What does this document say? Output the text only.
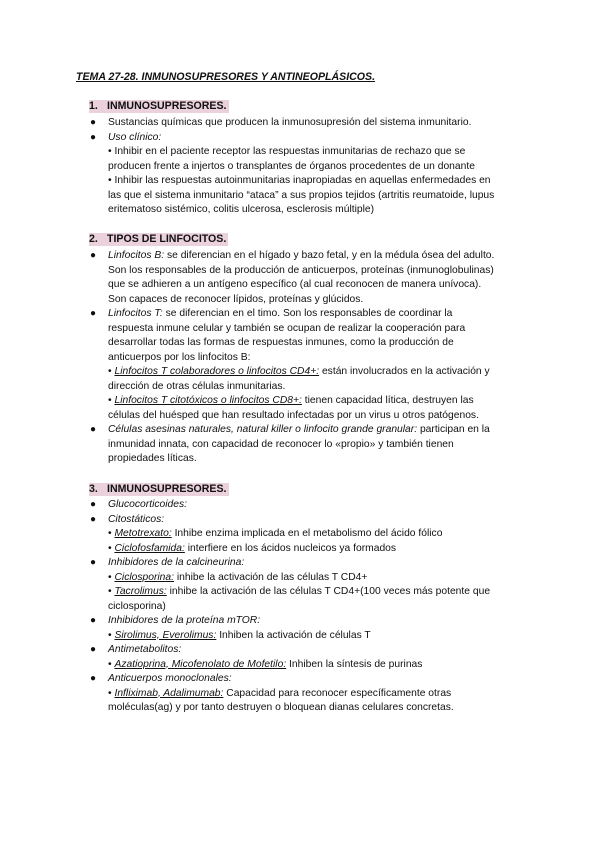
TEMA 27-28. INMUNOSUPRESORES Y ANTINEOPLÁSICOS.
1. INMUNOSUPRESORES.
● Sustancias químicas que producen la inmunosupresión del sistema inmunitario.
● Uso clínico:
• Inhibir en el paciente receptor las respuestas inmunitarias de rechazo que se
producen frente a injertos o transplantes de órganos procedentes de un donante
• Inhibir las respuestas autoinmunitarias inapropiadas en aquellas enfermedades en
las que el sistema inmunitario “ataca” a sus propios tejidos (artritis reumatoide, lupus
eritematoso sistémico, colitis ulcerosa, esclerosis múltiple)
2. TIPOS DE LINFOCITOS.
● Linfocitos B: se diferencian en el hígado y bazo fetal, y en la médula ósea del adulto.
Son los responsables de la producción de anticuerpos, proteínas (inmunoglobulinas)
que se adhieren a un antígeno específico (al cual reconocen de manera unívoca).
Son capaces de reconocer lípidos, proteínas y glúcidos.
● Linfocitos T: se diferencian en el timo. Son los responsables de coordinar la
respuesta inmune celular y también se ocupan de realizar la cooperación para
desarrollar todas las formas de respuestas inmunes, como la producción de
anticuerpos por los linfocitos B:
• Linfocitos T colaboradores o linfocitos CD4+: están involucrados en la activación y
dirección de otras células inmunitarias.
• Linfocitos T citotóxicos o linfocitos CD8+: tienen capacidad lítica, destruyen las
células del huésped que han resultado infectadas por un virus u otros patógenos.
● Células asesinas naturales, natural killer o linfocito grande granular: participan en la
inmunidad innata, con capacidad de reconocer lo «propio» y también tienen
propiedades líticas.
3. INMUNOSUPRESORES.
● Glucocorticoides:
● Citostáticos:
• Metotrexato: Inhibe enzima implicada en el metabolismo del ácido fólico
• Ciclofosfamida: interfiere en los ácidos nucleicos ya formados
● Inhibidores de la calcineurina:
• Ciclosporina: inhibe la activación de las células T CD4+
• Tacrolimus: inhibe la activación de las células T CD4+(100 veces más potente que
ciclosporina)
● Inhibidores de la proteína mTOR:
• Sirolimus, Everolimus: Inhiben la activación de células T
● Antimetabolitos:
• Azatioprina, Micofenolato de Mofetilo: Inhiben la síntesis de purinas
● Anticuerpos monoclonales:
• Infliximab, Adalimumab: Capacidad para reconocer específicamente otras
moléculas(ag) y por tanto destruyen o bloquean dianas celulares concretas.
